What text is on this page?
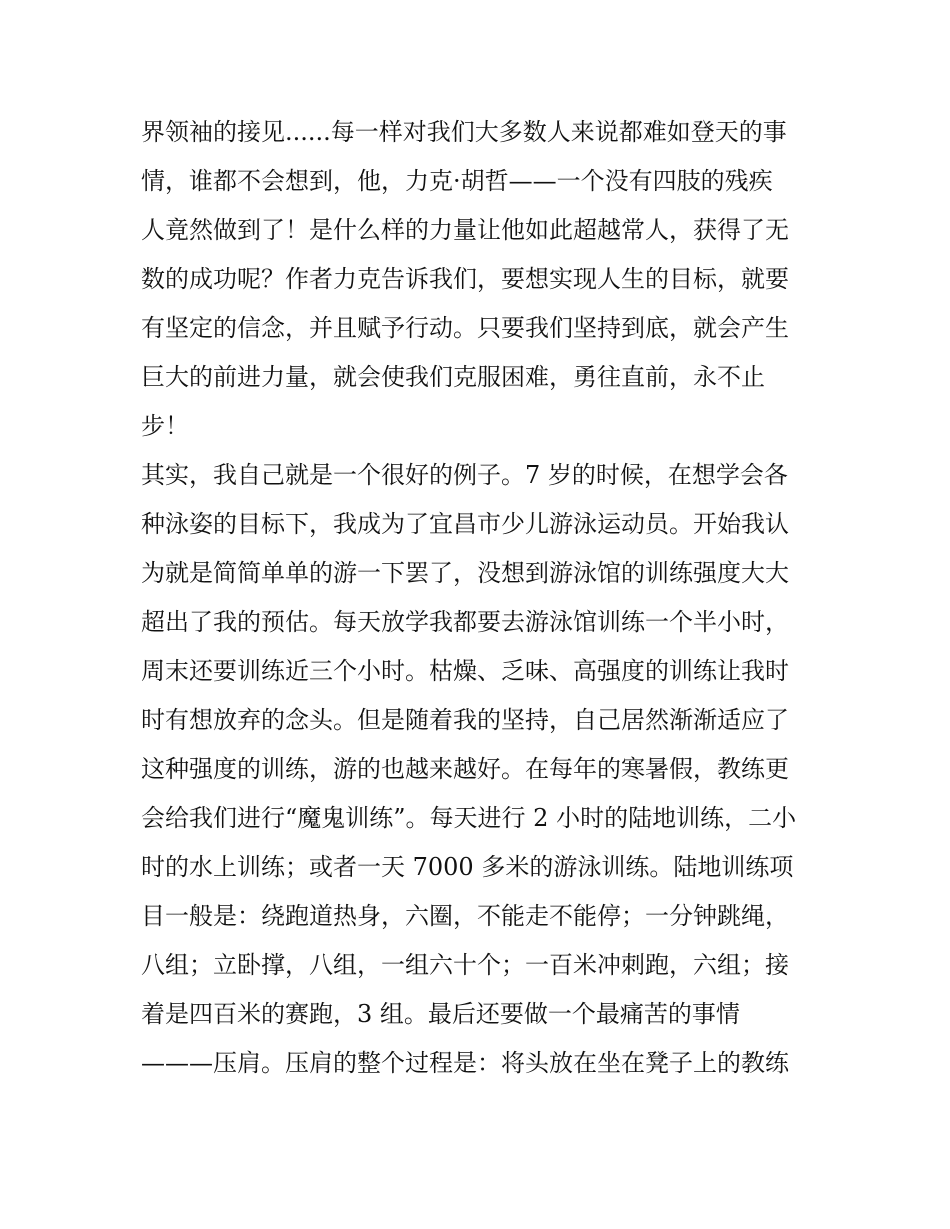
界领袖的接见......每一样对我们大多数人来说都难如登天的事
情，谁都不会想到，他，力克·胡哲——一个没有四肢的残疾
人竟然做到了！是什么样的力量让他如此超越常人，获得了无
数的成功呢？作者力克告诉我们，要想实现人生的目标，就要
有坚定的信念，并且赋予行动。只要我们坚持到底，就会产生
巨大的前进力量，就会使我们克服困难，勇往直前，永不止
步！
其实，我自己就是一个很好的例子。7 岁的时候，在想学会各
种泳姿的目标下，我成为了宜昌市少儿游泳运动员。开始我认
为就是简简单单的游一下罢了，没想到游泳馆的训练强度大大
超出了我的预估。每天放学我都要去游泳馆训练一个半小时，
周末还要训练近三个小时。枯燥、乏味、高强度的训练让我时
时有想放弃的念头。但是随着我的坚持，自己居然渐渐适应了
这种强度的训练，游的也越来越好。在每年的寒暑假，教练更
会给我们进行“魔鬼训练”。每天进行 2 小时的陆地训练，二小
时的水上训练；或者一天 7000 多米的游泳训练。陆地训练项
目一般是：绕跑道热身，六圈，不能走不能停；一分钟跳绳，
八组；立卧撑，八组，一组六十个；一百米冲刺跑，六组；接
着是四百米的赛跑，3 组。最后还要做一个最痛苦的事情
———压肩。压肩的整个过程是：将头放在坐在凳子上的教练
